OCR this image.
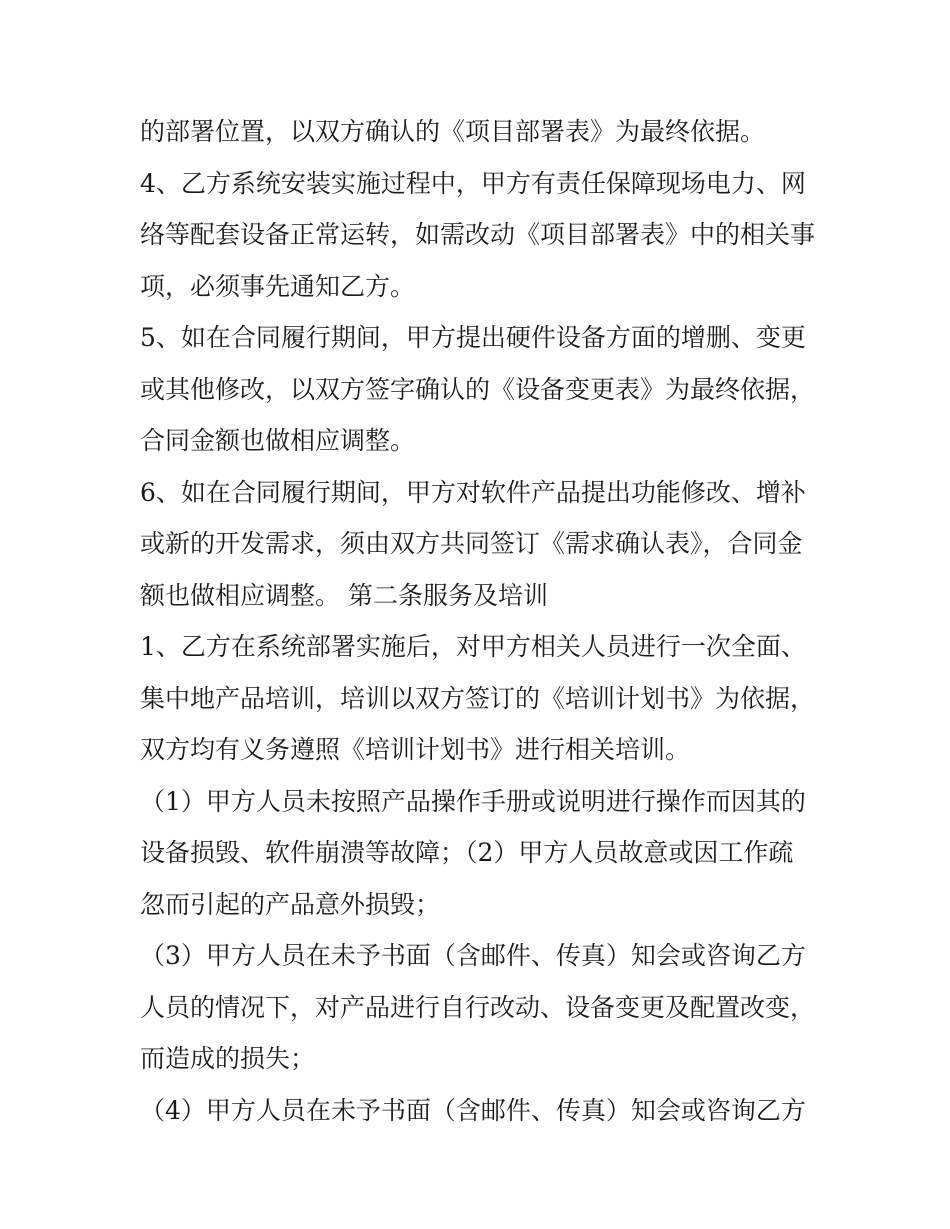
的部署位置，以双方确认的《项目部署表》为最终依据。
4、乙方系统安装实施过程中，甲方有责任保障现场电力、网
络等配套设备正常运转，如需改动《项目部署表》中的相关事
项，必须事先通知乙方。
5、如在合同履行期间，甲方提出硬件设备方面的增删、变更
或其他修改，以双方签字确认的《设备变更表》为最终依据，
合同金额也做相应调整。
6、如在合同履行期间，甲方对软件产品提出功能修改、增补
或新的开发需求，须由双方共同签订《需求确认表》，合同金
额也做相应调整。 第二条服务及培训
1、乙方在系统部署实施后，对甲方相关人员进行一次全面、
集中地产品培训，培训以双方签订的《培训计划书》为依据，
双方均有义务遵照《培训计划书》进行相关培训。
（1）甲方人员未按照产品操作手册或说明进行操作而因其的
设备损毁、软件崩溃等故障；（2）甲方人员故意或因工作疏
忽而引起的产品意外损毁；
（3）甲方人员在未予书面（含邮件、传真）知会或咨询乙方
人员的情况下，对产品进行自行改动、设备变更及配置改变，
而造成的损失；
（4）甲方人员在未予书面（含邮件、传真）知会或咨询乙方
